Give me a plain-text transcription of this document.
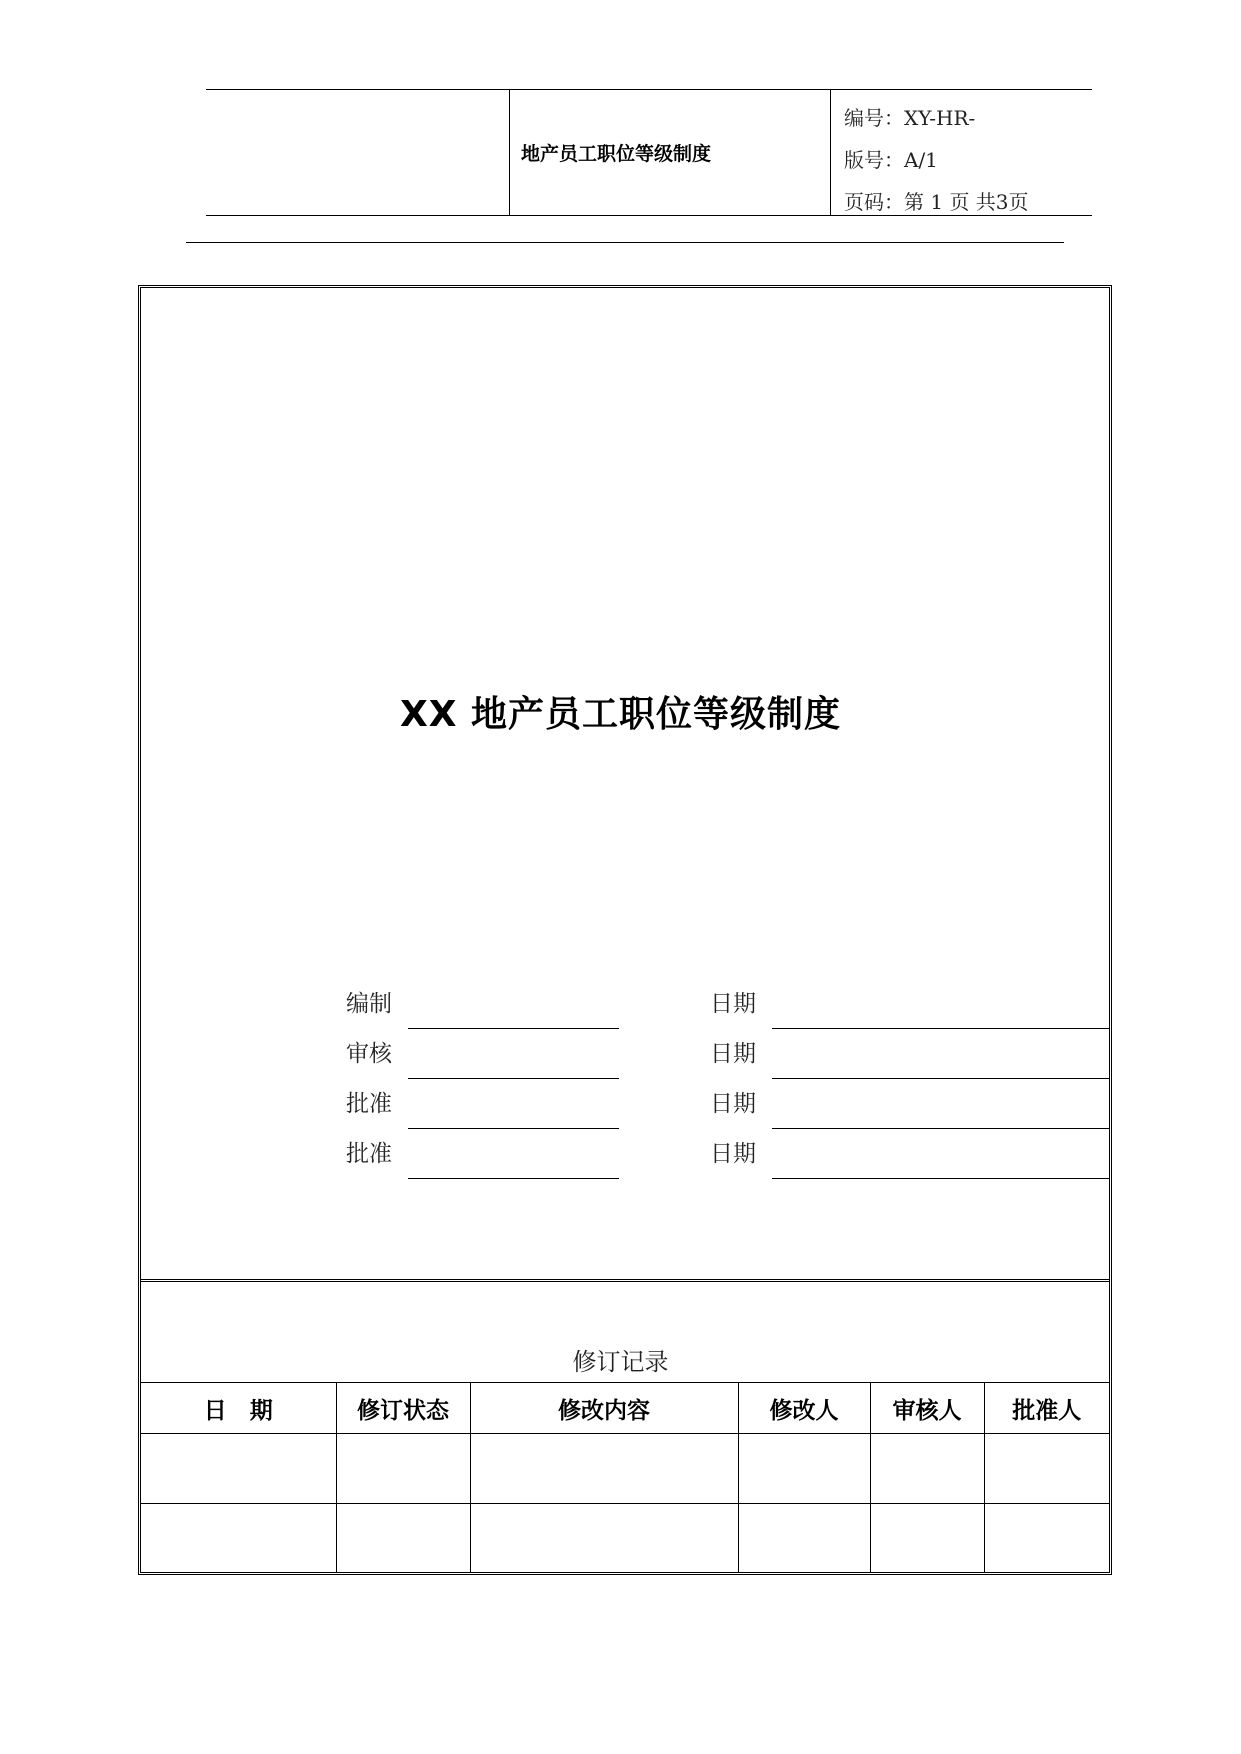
地产员工职位等级制度
编号：XY-HR-
版号：A/1
页码：第 1 页 共3页
XX 地产员工职位等级制度
编制	日期
审核	日期
批准	日期
批准	日期
修订记录
日　期	修订状态	修改内容	修改人	审核人	批准人
